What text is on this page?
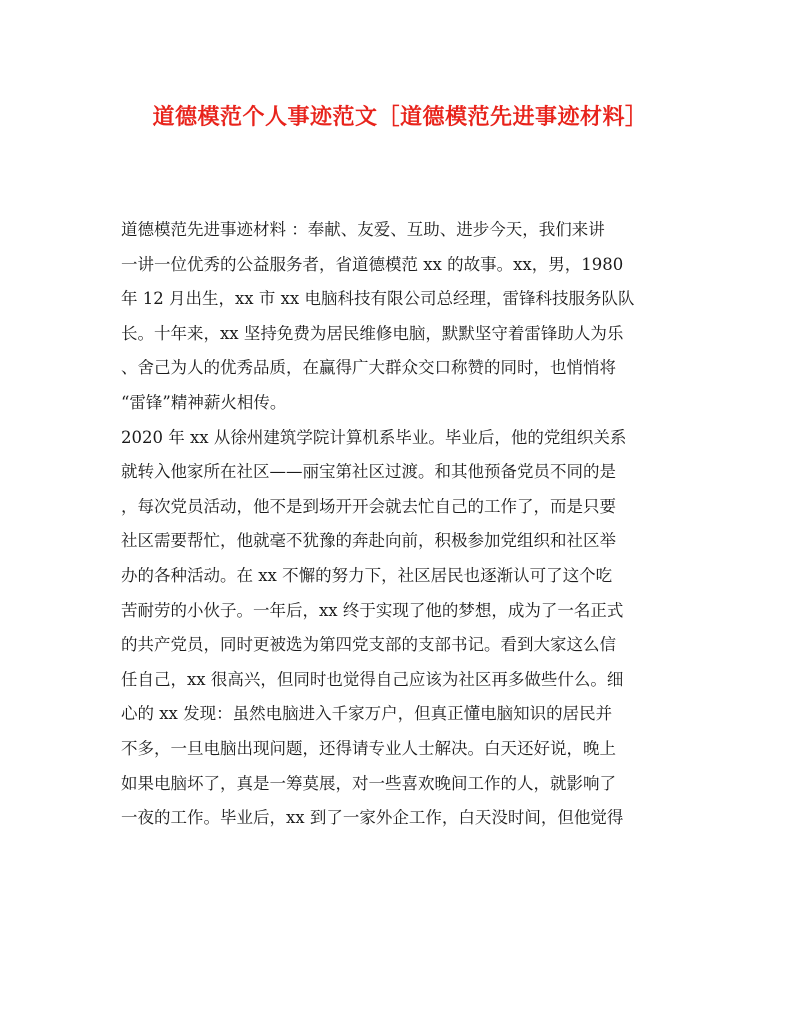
道德模范个人事迹范文［道德模范先进事迹材料］
道德模范先进事迹材料 ：奉献、友爱、互助、进步今天，我们来讲
一讲一位优秀的公益服务者，省道德模范 xx 的故事。xx，男，1980
年 12 月出生，xx 市 xx 电脑科技有限公司总经理，雷锋科技服务队队
长。十年来，xx 坚持免费为居民维修电脑，默默坚守着雷锋助人为乐
、舍己为人的优秀品质，在赢得广大群众交口称赞的同时，也悄悄将
“雷锋”精神薪火相传。
2020 年 xx 从徐州建筑学院计算机系毕业。毕业后，他的党组织关系
就转入他家所在社区——丽宝第社区过渡。和其他预备党员不同的是
，每次党员活动，他不是到场开开会就去忙自己的工作了，而是只要
社区需要帮忙，他就毫不犹豫的奔赴向前，积极参加党组织和社区举
办的各种活动。在 xx 不懈的努力下，社区居民也逐渐认可了这个吃
苦耐劳的小伙子。一年后，xx 终于实现了他的梦想，成为了一名正式
的共产党员，同时更被选为第四党支部的支部书记。看到大家这么信
任自己，xx 很高兴，但同时也觉得自己应该为社区再多做些什么。细
心的 xx 发现：虽然电脑进入千家万户，但真正懂电脑知识的居民并
不多，一旦电脑出现问题，还得请专业人士解决。白天还好说，晚上
如果电脑坏了，真是一筹莫展，对一些喜欢晚间工作的人，就影响了
一夜的工作。毕业后，xx 到了一家外企工作，白天没时间，但他觉得
